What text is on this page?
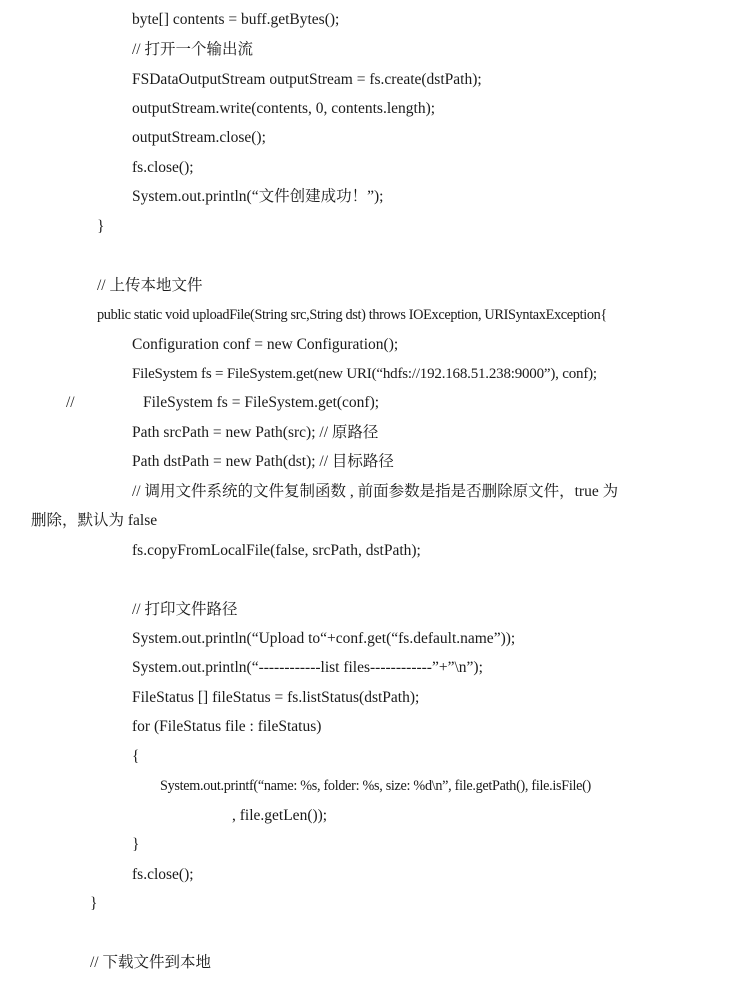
byte[] contents = buff.getBytes();
// 打开一个输出流
FSDataOutputStream outputStream = fs.create(dstPath);
outputStream.write(contents, 0, contents.length);
outputStream.close();
fs.close();
System.out.println(“文件创建成功！”);
}
// 上传本地文件
public static void uploadFile(String src,String dst) throws IOException, URISyntaxException{
Configuration conf = new Configuration();
FileSystem fs = FileSystem.get(new URI(“hdfs://192.168.51.238:9000”), conf);
//	FileSystem fs = FileSystem.get(conf);
Path srcPath = new Path(src); // 原路径
Path dstPath = new Path(dst); // 目标路径
// 调用文件系统的文件复制函数 , 前面参数是指是否删除原文件，true 为
删除，默认为 false
fs.copyFromLocalFile(false, srcPath, dstPath);
// 打印文件路径
System.out.println(“Upload to“+conf.get(“fs.default.name”));
System.out.println(“------------list files------------”+”\n”);
FileStatus [] fileStatus = fs.listStatus(dstPath);
for (FileStatus file : fileStatus)
{
System.out.printf(“name: %s, folder: %s, size: %d\n”, file.getPath(), file.isFile()
, file.getLen());
}
fs.close();
}
// 下载文件到本地
